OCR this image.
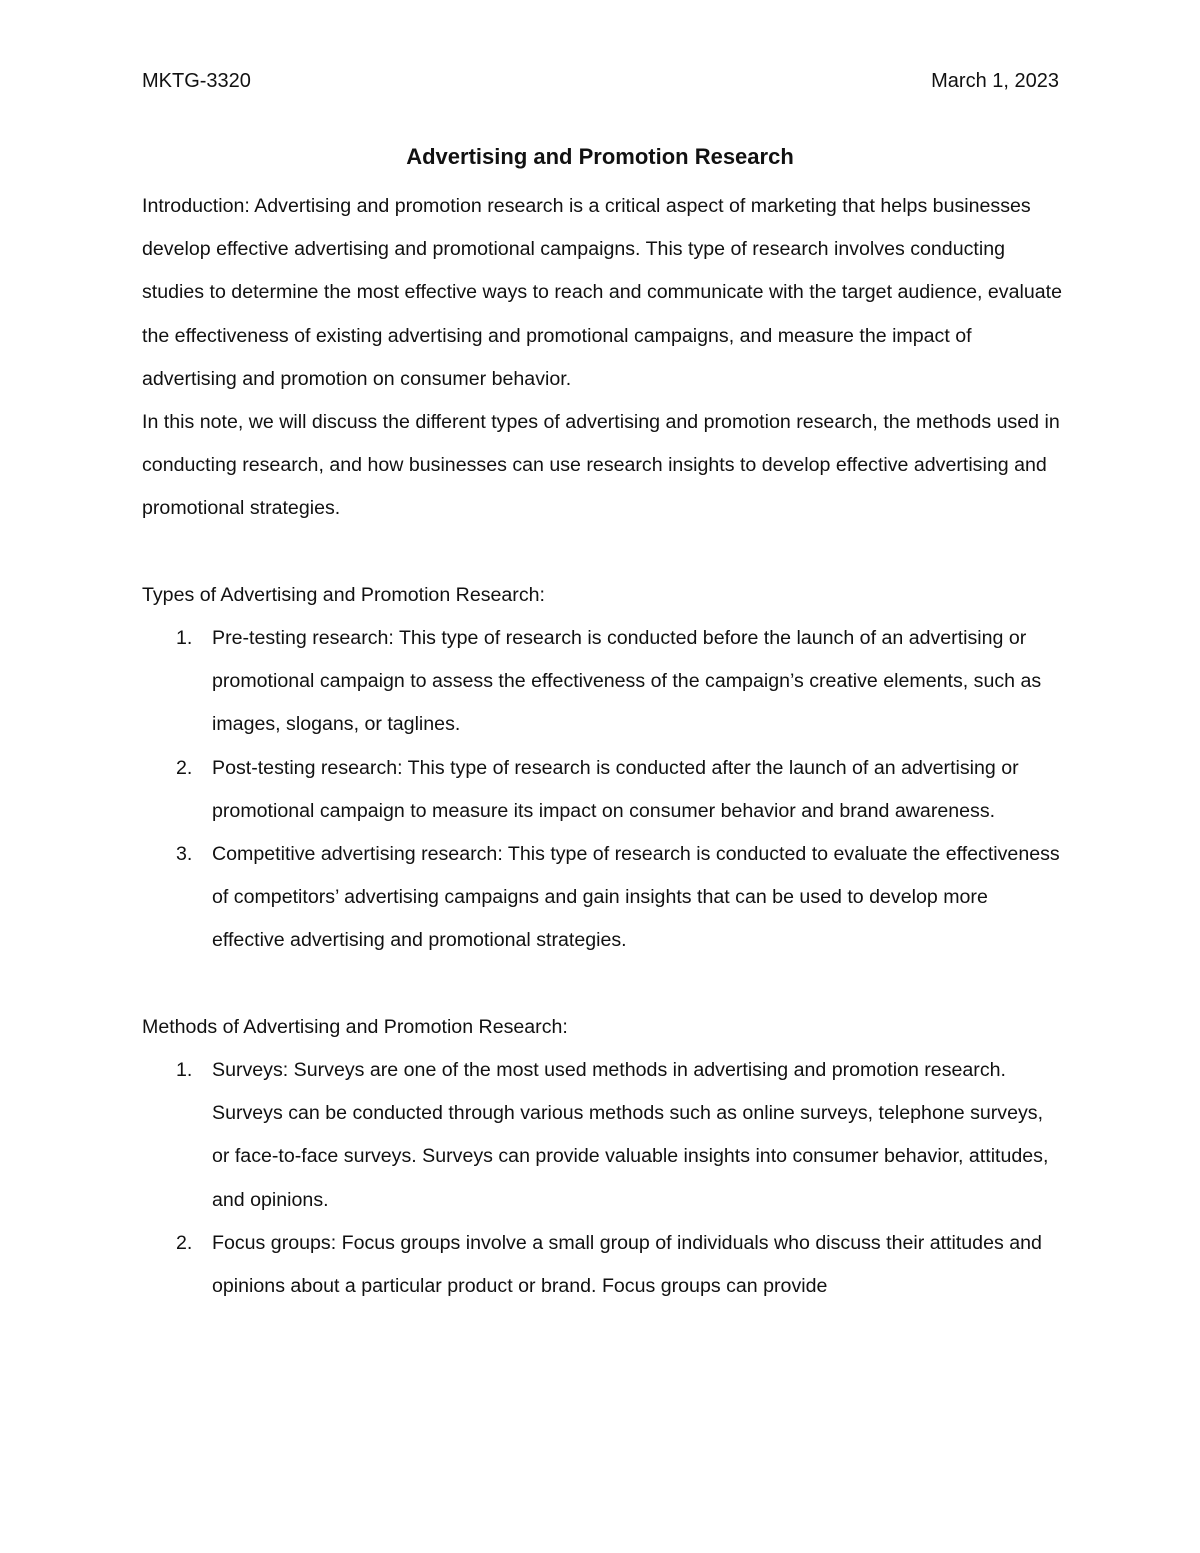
MKTG-3320	March 1, 2023
Advertising and Promotion Research

Introduction: Advertising and promotion research is a critical aspect of marketing that helps businesses develop effective advertising and promotional campaigns. This type of research involves conducting studies to determine the most effective ways to reach and communicate with the target audience, evaluate the effectiveness of existing advertising and promotional campaigns, and measure the impact of advertising and promotion on consumer behavior.

In this note, we will discuss the different types of advertising and promotion research, the methods used in conducting research, and how businesses can use research insights to develop effective advertising and promotional strategies.

Types of Advertising and Promotion Research:

1. Pre-testing research: This type of research is conducted before the launch of an advertising or promotional campaign to assess the effectiveness of the campaign’s creative elements, such as images, slogans, or taglines.
2. Post-testing research: This type of research is conducted after the launch of an advertising or promotional campaign to measure its impact on consumer behavior and brand awareness.
3. Competitive advertising research: This type of research is conducted to evaluate the effectiveness of competitors’ advertising campaigns and gain insights that can be used to develop more effective advertising and promotional strategies.

Methods of Advertising and Promotion Research:

1. Surveys: Surveys are one of the most used methods in advertising and promotion research. Surveys can be conducted through various methods such as online surveys, telephone surveys, or face-to-face surveys. Surveys can provide valuable insights into consumer behavior, attitudes, and opinions.
2. Focus groups: Focus groups involve a small group of individuals who discuss their attitudes and opinions about a particular product or brand. Focus groups can provide
